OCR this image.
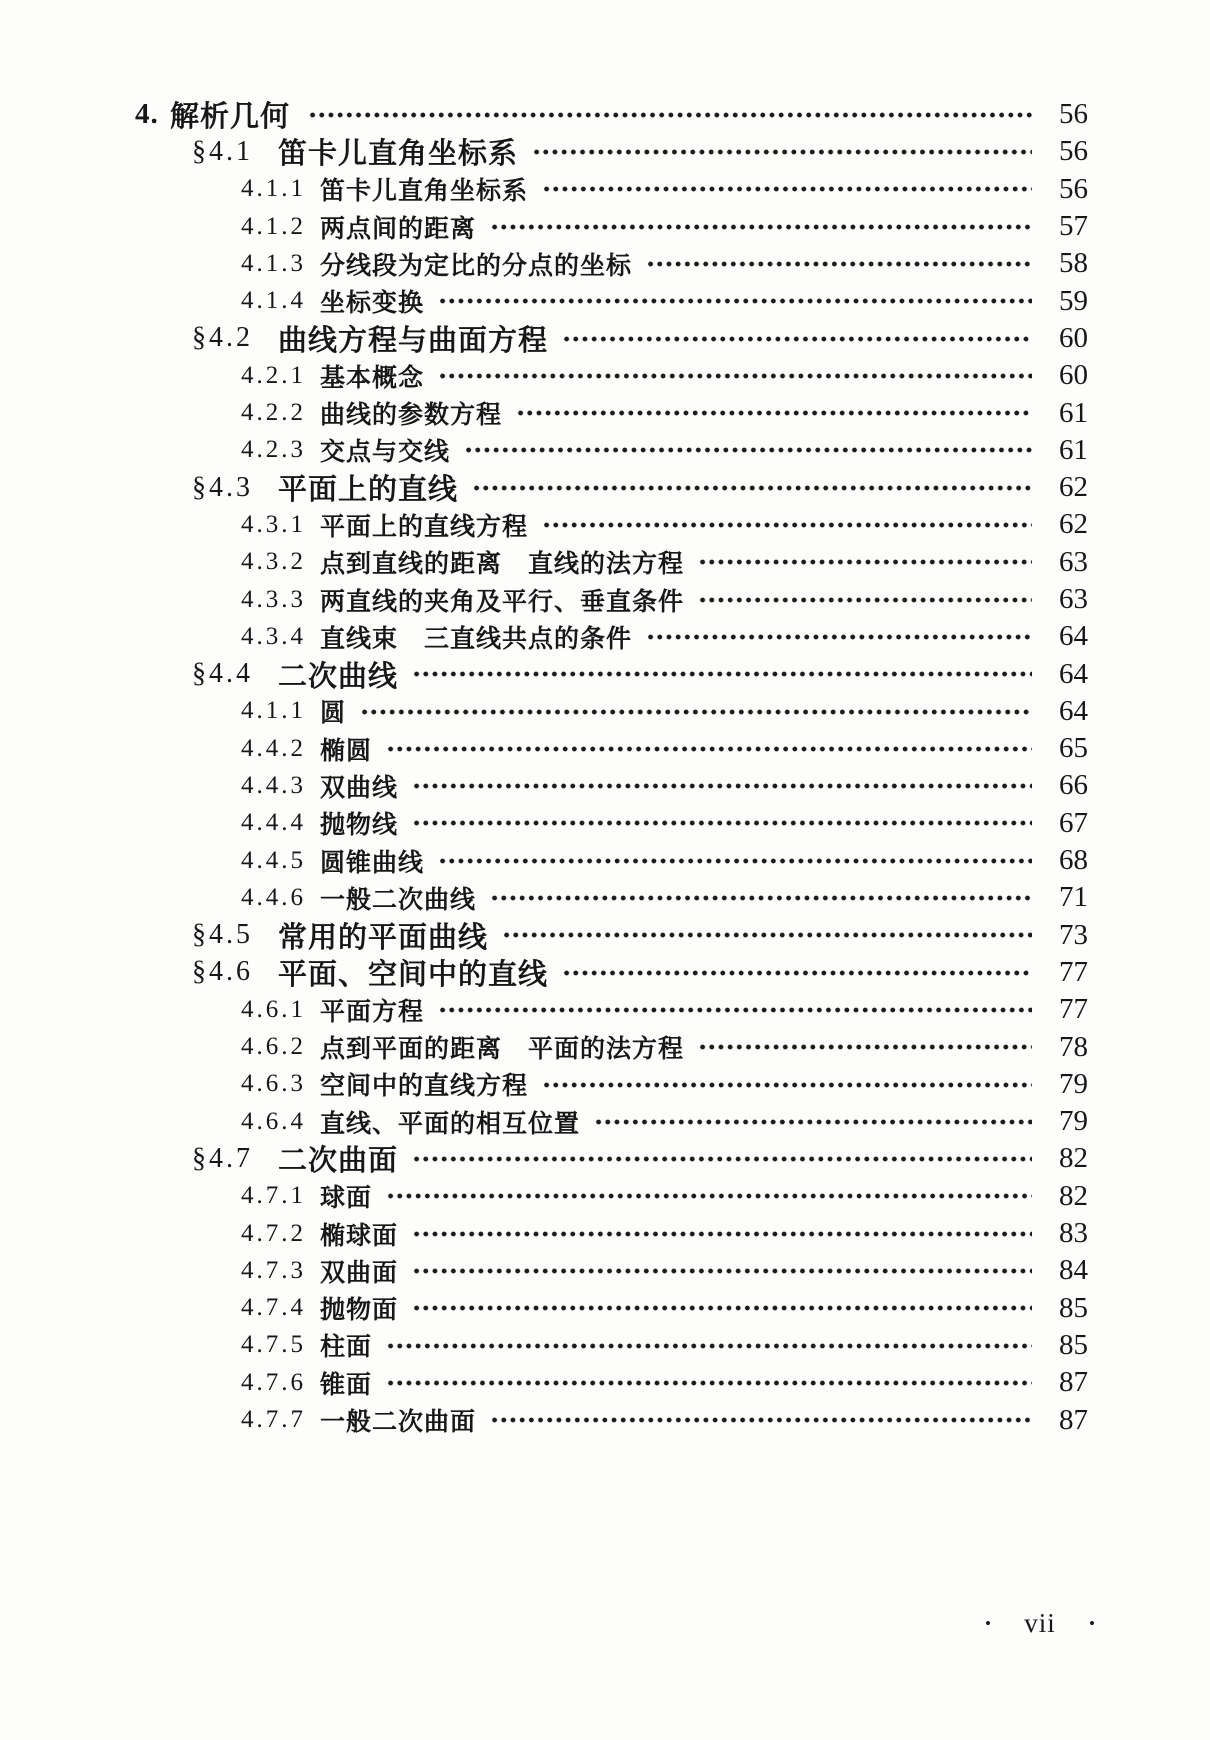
4. 解析几何	56
§4.1 笛卡儿直角坐标系	56
4.1.1 笛卡儿直角坐标系	56
4.1.2 两点间的距离	57
4.1.3 分线段为定比的分点的坐标	58
4.1.4 坐标变换	59
§4.2 曲线方程与曲面方程	60
4.2.1 基本概念	60
4.2.2 曲线的参数方程	61
4.2.3 交点与交线	61
§4.3 平面上的直线	62
4.3.1 平面上的直线方程	62
4.3.2 点到直线的距离　直线的法方程	63
4.3.3 两直线的夹角及平行、垂直条件	63
4.3.4 直线束　三直线共点的条件	64
§4.4 二次曲线	64
4.1.1 圆	64
4.4.2 椭圆	65
4.4.3 双曲线	66
4.4.4 抛物线	67
4.4.5 圆锥曲线	68
4.4.6 一般二次曲线	71
§4.5 常用的平面曲线	73
§4.6 平面、空间中的直线	77
4.6.1 平面方程	77
4.6.2 点到平面的距离　平面的法方程	78
4.6.3 空间中的直线方程	79
4.6.4 直线、平面的相互位置	79
§4.7 二次曲面	82
4.7.1 球面	82
4.7.2 椭球面	83
4.7.3 双曲面	84
4.7.4 抛物面	85
4.7.5 柱面	85
4.7.6 锥面	87
4.7.7 一般二次曲面	87
• vii •
